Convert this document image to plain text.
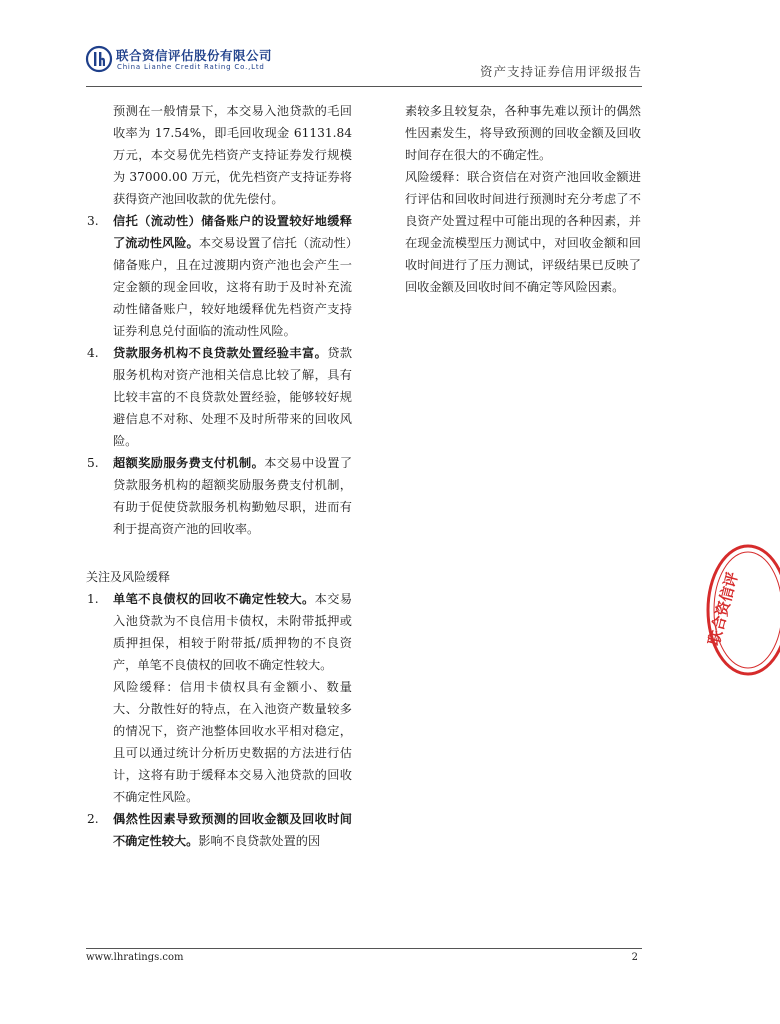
联合资信评估股份有限公司
China Lianhe Credit Rating Co.,Ltd	资产支持证券信用评级报告

预测在一般情景下，本交易入池贷款的毛回收率为 17.54%，即毛回收现金 61131.84 万元，本交易优先档资产支持证券发行规模为 37000.00 万元，优先档资产支持证券将获得资产池回收款的优先偿付。

3. 信托（流动性）储备账户的设置较好地缓释了流动性风险。本交易设置了信托（流动性）储备账户，且在过渡期内资产池也会产生一定金额的现金回收，这将有助于及时补充流动性储备账户，较好地缓释优先档资产支持证券利息兑付面临的流动性风险。
4. 贷款服务机构不良贷款处置经验丰富。贷款服务机构对资产池相关信息比较了解，具有比较丰富的不良贷款处置经验，能够较好规避信息不对称、处理不及时所带来的回收风险。
5. 超额奖励服务费支付机制。本交易中设置了贷款服务机构的超额奖励服务费支付机制，有助于促使贷款服务机构勤勉尽职，进而有利于提高资产池的回收率。

关注及风险缓释

1. 单笔不良债权的回收不确定性较大。本交易入池贷款为不良信用卡债权，未附带抵押或质押担保，相较于附带抵/质押物的不良资产，单笔不良债权的回收不确定性较大。

风险缓释：信用卡债权具有金额小、数量大、分散性好的特点，在入池资产数量较多的情况下，资产池整体回收水平相对稳定，且可以通过统计分析历史数据的方法进行估计，这将有助于缓释本交易入池贷款的回收不确定性风险。

2. 偶然性因素导致预测的回收金额及回收时间不确定性较大。影响不良贷款处置的因

素较多且较复杂，各种事先难以预计的偶然性因素发生，将导致预测的回收金额及回收时间存在很大的不确定性。

风险缓释：联合资信在对资产池回收金额进行评估和回收时间进行预测时充分考虑了不良资产处置过程中可能出现的各种因素，并在现金流模型压力测试中，对回收金额和回收时间进行了压力测试，评级结果已反映了回收金额及回收时间不确定等风险因素。

联合资信评
www.lhratings.com	2
